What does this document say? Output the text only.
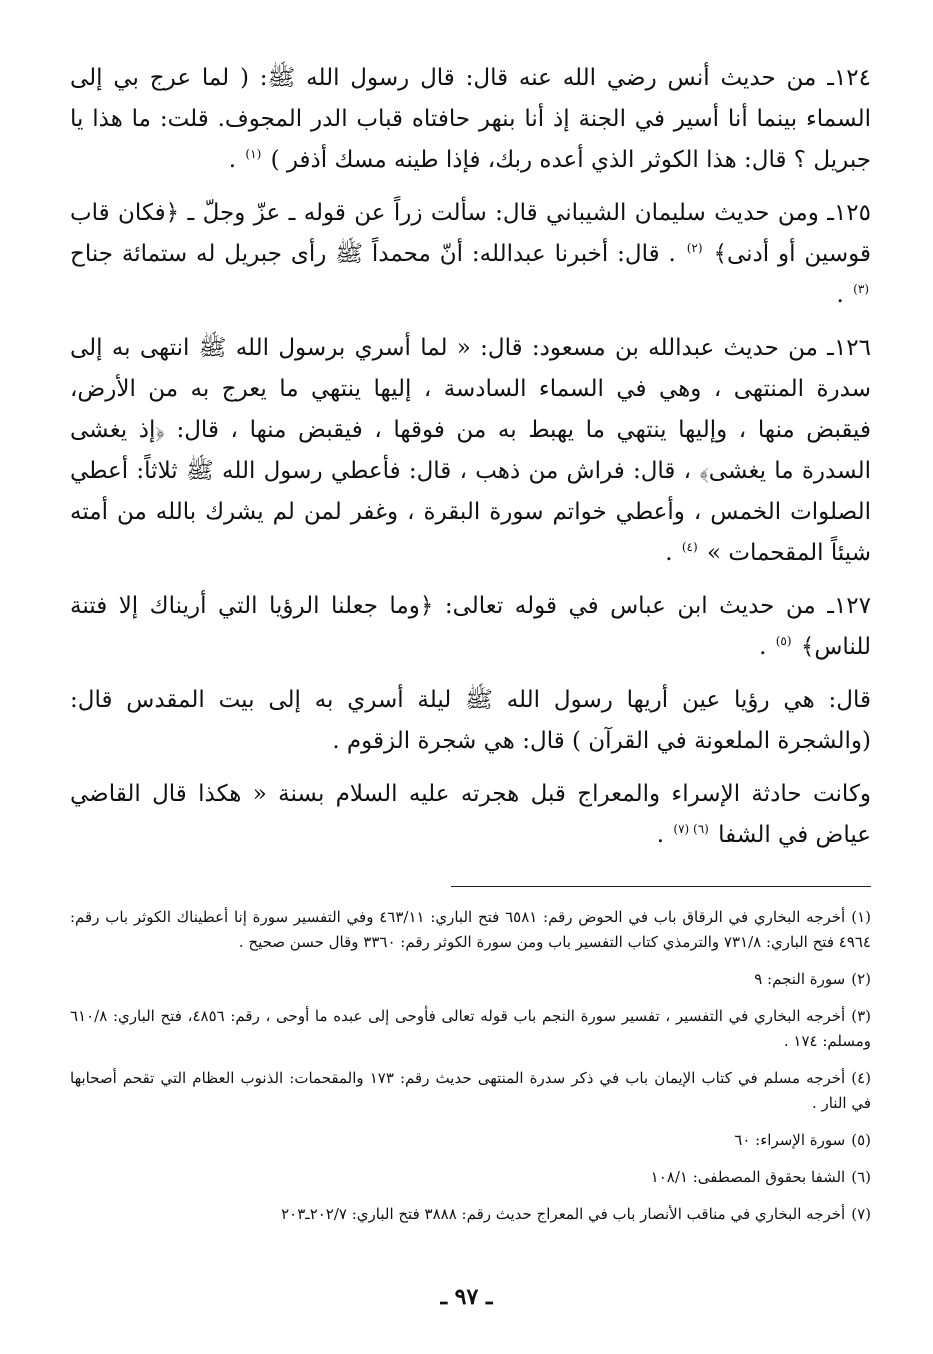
١٢٤ـ من حديث أنس رضي الله عنه قال: قال رسول الله ﷺ: ( لما عرج بي إلى السماء بينما أنا أسير في الجنة إذ أنا بنهر حافتاه قباب الدر المجوف. قلت: ما هذا يا جبريل ؟ قال: هذا الكوثر الذي أعده ربك، فإذا طينه مسك أذفر ) $^{(١)}$ .

١٢٥ـ ومن حديث سليمان الشيباني قال: سألت زراً عن قوله ـ عزّ وجلّ ـ ﴿فكان قاب قوسين أو أدنى﴾ $^{(٢)}$ . قال: أخبرنا عبدالله: أنّ محمداً ﷺ رأى جبريل له ستمائة جناح $^{(٣)}$ .

١٢٦ـ من حديث عبدالله بن مسعود: قال: « لما أسري برسول الله ﷺ انتهى به إلى سدرة المنتهى ، وهي في السماء السادسة ، إليها ينتهي ما يعرج به من الأرض، فيقبض منها ، وإليها ينتهي ما يهبط به من فوقها ، فيقبض منها ، قال: ﴿إذ يغشى السدرة ما يغشى﴾ ، قال: فراش من ذهب ، قال: فأعطي رسول الله ﷺ ثلاثاً: أعطي الصلوات الخمس ، وأعطي خواتم سورة البقرة ، وغفر لمن لم يشرك بالله من أمته شيئاً المقحمات » $^{(٤)}$ .

١٢٧ـ من حديث ابن عباس في قوله تعالى: ﴿وما جعلنا الرؤيا التي أريناك إلا فتنة للناس﴾ $^{(٥)}$ .

قال: هي رؤيا عين أريها رسول الله ﷺ ليلة أسري به إلى بيت المقدس قال: (والشجرة الملعونة في القرآن ) قال: هي شجرة الزقوم .

وكانت حادثة الإسراء والمعراج قبل هجرته عليه السلام بسنة « هكذا قال القاضي عياض في الشفا $^{(٦) (٧)}$ .

(١)أخرجه البخاري في الرقاق باب في الحوض رقم: ٦٥٨١ فتح الباري: ٤٦٣/١١ وفي التفسير سورة إنا أعطيناك الكوثر باب رقم: ٤٩٦٤ فتح الباري: ٧٣١/٨ والترمذي كتاب التفسير باب ومن سورة الكوثر رقم: ٣٣٦٠ وقال حسن صحيح .
(٢)سورة النجم: ٩
(٣)أخرجه البخاري في التفسير ، تفسير سورة النجم باب قوله تعالى فأوحى إلى عبده ما أوحى ، رقم: ٤٨٥٦، فتح الباري: ٦١٠/٨ ومسلم: ١٧٤ .
(٤)أخرجه مسلم في كتاب الإيمان باب في ذكر سدرة المنتهى حديث رقم: ١٧٣ والمقحمات: الذنوب العظام التي تقحم أصحابها في النار .
(٥)سورة الإسراء: ٦٠
(٦)الشفا بحقوق المصطفى: ١٠٨/١
(٧)أخرجه البخاري في مناقب الأنصار باب في المعراج حديث رقم: ٣٨٨٨ فتح الباري: ٢٠٢/٧ـ٢٠٣
ـ ٩٧ ـ
